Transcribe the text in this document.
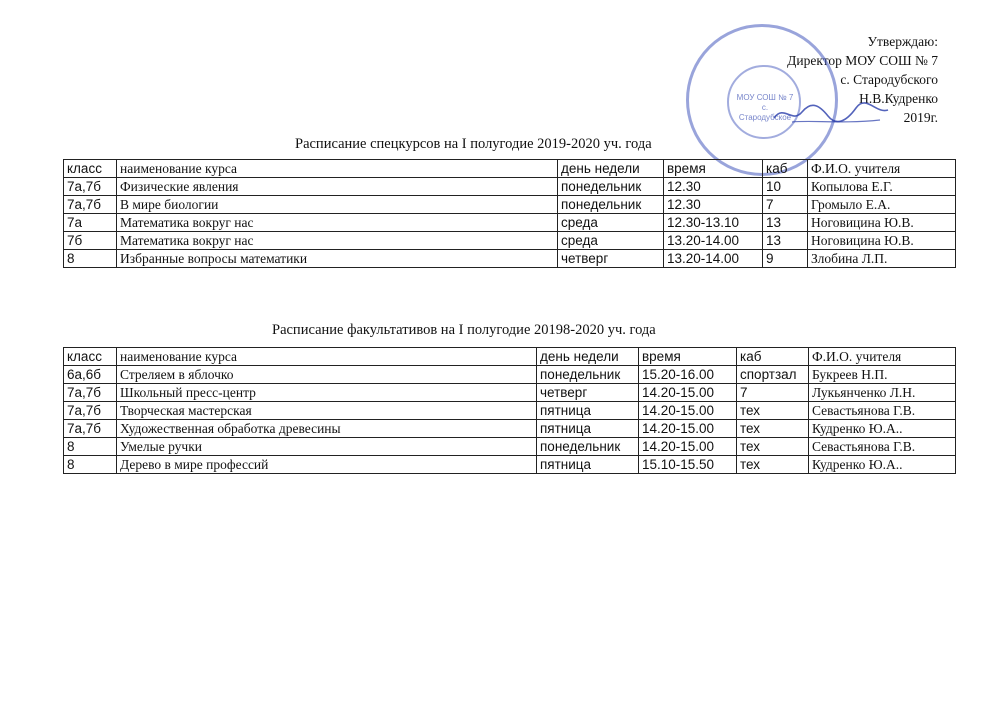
Утверждаю:
Директор МОУ СОШ № 7
с. Стародубского
Н.В.Кудренко
2019г.
МОУ СОШ № 7 с. Стародубское
Расписание спецкурсов на I полугодие 2019-2020 уч. года
класс	наименование курса	день недели	время	каб	Ф.И.О. учителя
7а,7б	Физические явления	понедельник	12.30	10	Копылова Е.Г.
7а,7б	В мире биологии	понедельник	12.30	7	Громыло Е.А.
7а	Математика вокруг нас	среда	12.30-13.10	13	Ноговицина Ю.В.
7б	Математика вокруг нас	среда	13.20-14.00	13	Ноговицина Ю.В.
8	Избранные вопросы математики	четверг	13.20-14.00	9	Злобина Л.П.
Расписание факультативов на I полугодие 20198-2020 уч. года
класс	наименование курса	день недели	время	каб	Ф.И.О. учителя
6а,6б	Стреляем в яблочко	понедельник	15.20-16.00	спортзал	Букреев Н.П.
7а,7б	Школьный пресс-центр	четверг	14.20-15.00	7	Лукьянченко Л.Н.
7а,7б	Творческая мастерская	пятница	14.20-15.00	тех	Севастьянова Г.В.
7а,7б	Художественная обработка древесины	пятница	14.20-15.00	тех	Кудренко Ю.А..
8	Умелые ручки	понедельник	14.20-15.00	тех	Севастьянова Г.В.
8	Дерево в мире профессий	пятница	15.10-15.50	тех	Кудренко Ю.А..
